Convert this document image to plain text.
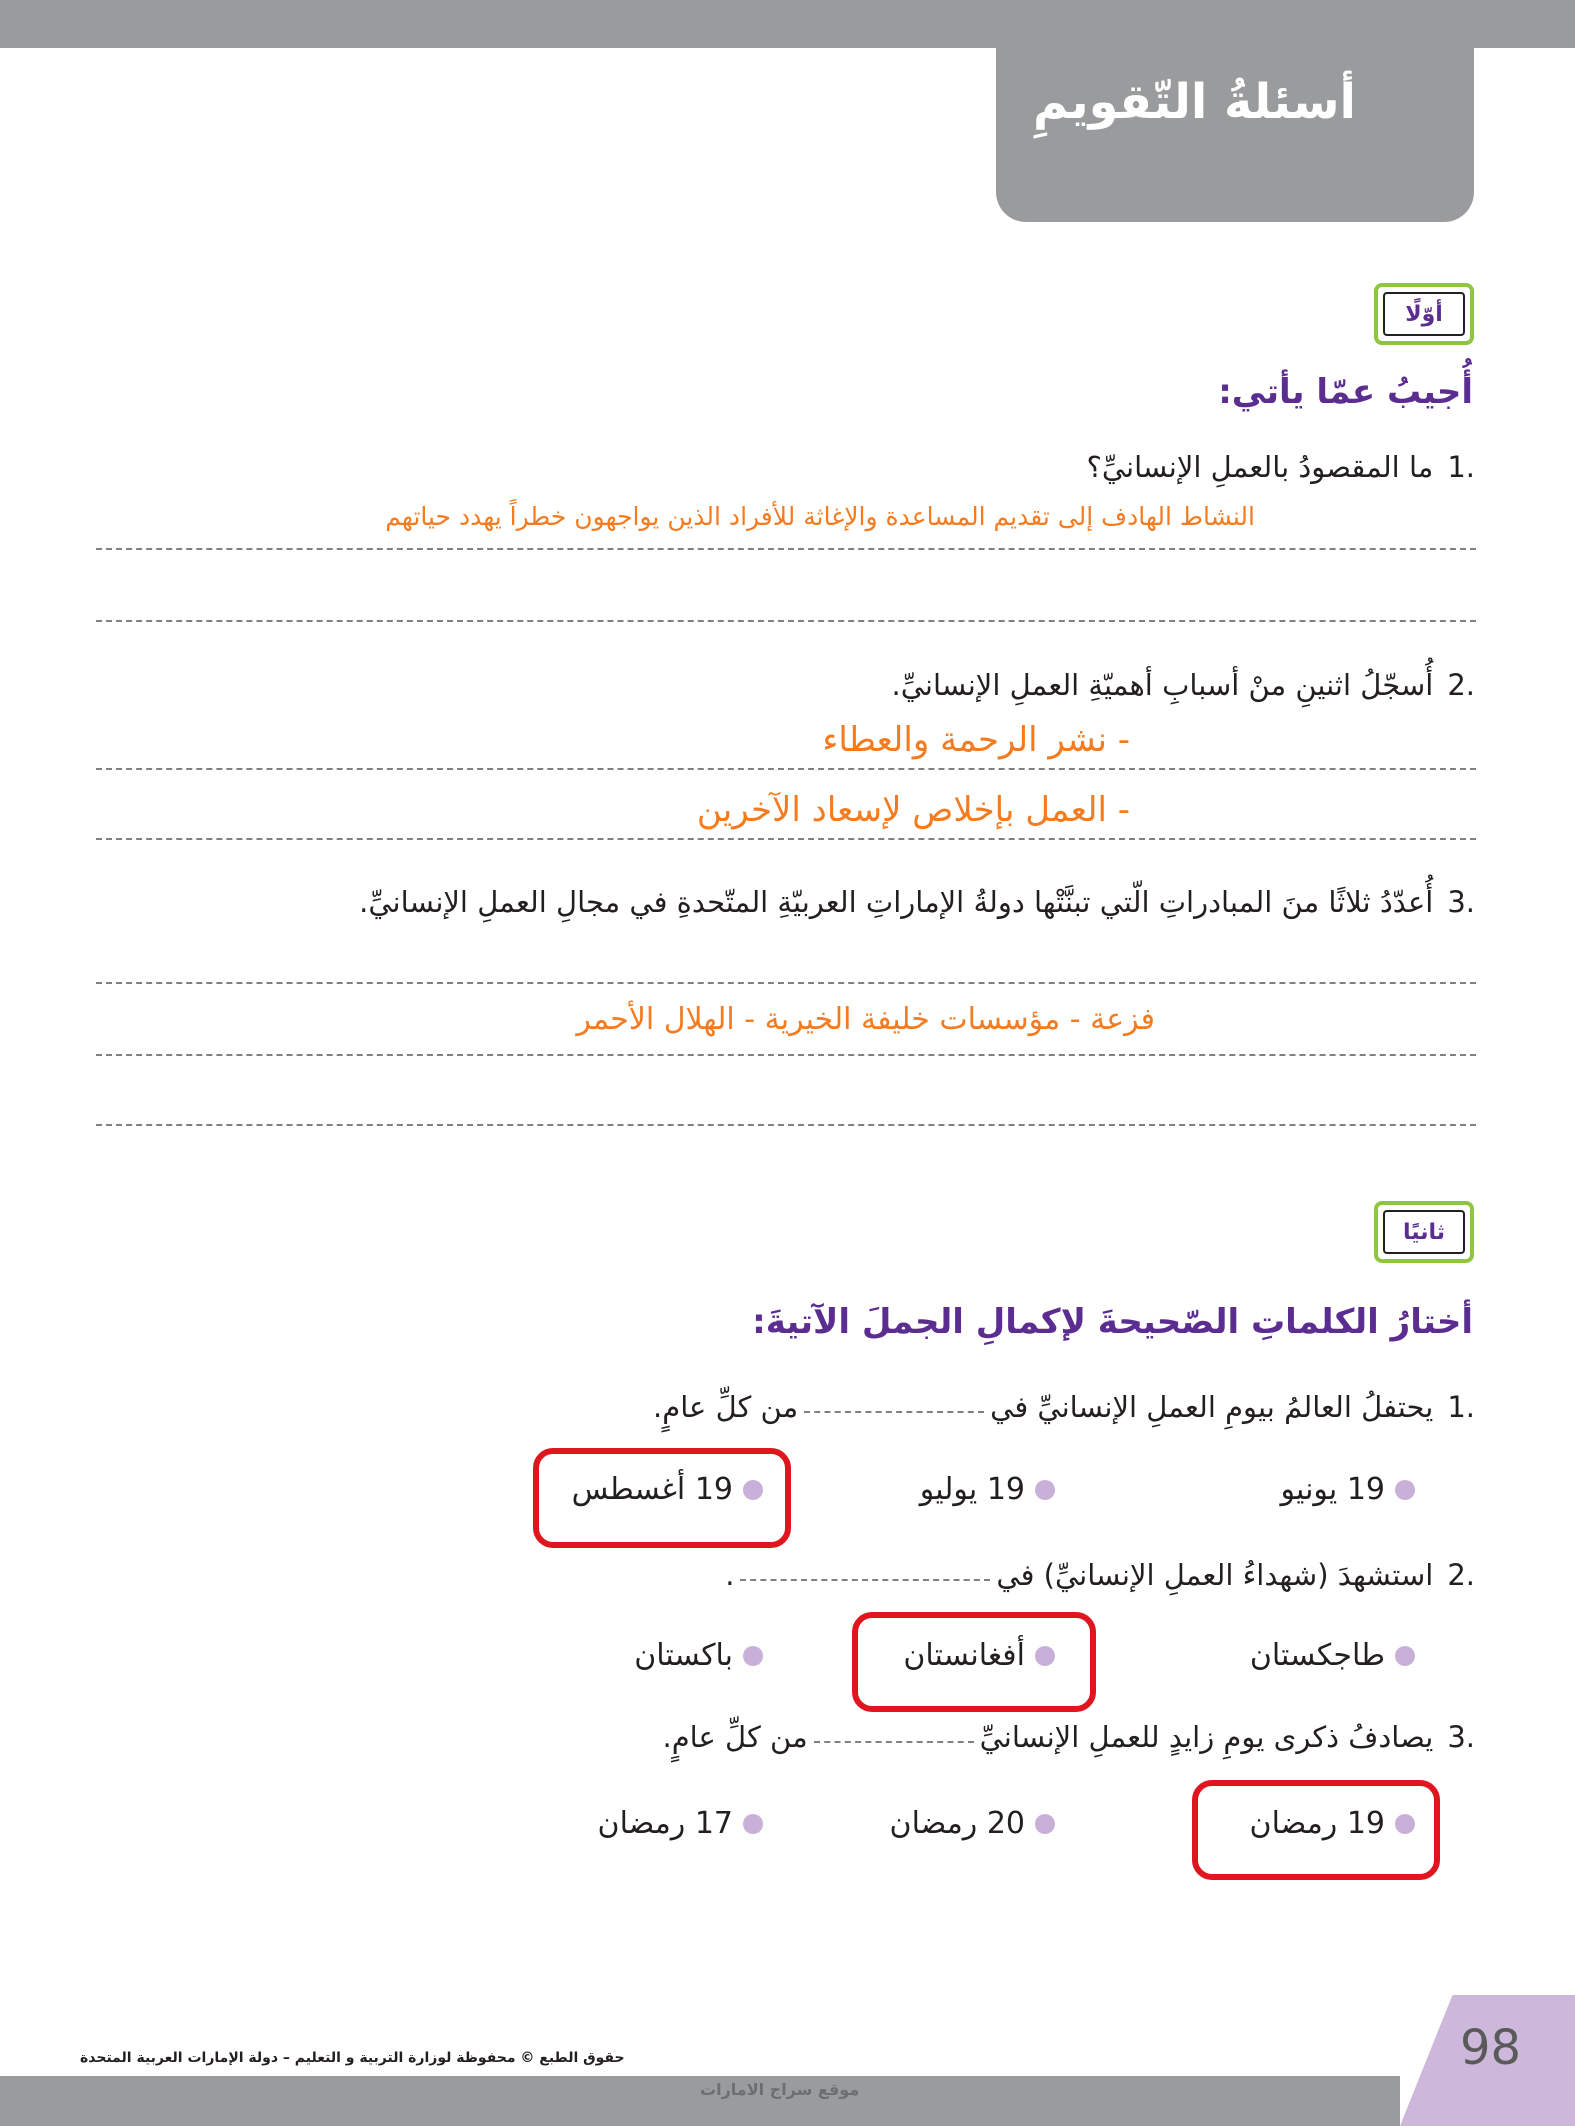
أسئلةُ التّقويمِ
أوّلًا
أُجيبُ عمّا يأتي:
.1ما المقصودُ بالعملِ الإنسانيِّ؟
النشاط الهادف إلى تقديم المساعدة والإغاثة للأفراد الذين يواجهون خطراً يهدد حياتهم
.2أُسجّلُ اثنينِ منْ أسبابِ أهميّةِ العملِ الإنسانيِّ.
- نشر الرحمة والعطاء
- العمل بإخلاص لإسعاد الآخرين
.3أُعدّدُ ثلاثًا منَ المبادراتِ الّتي تبنَّتْها دولةُ الإماراتِ العربيّةِ المتّحدةِ في مجالِ العملِ الإنسانيِّ.
فزعة - مؤسسات خليفة الخيرية - الهلال الأحمر
ثانيًا
أختارُ الكلماتِ الصّحيحةَ لإكمالِ الجملَ الآتيةَ:
.1يحتفلُ العالمُ بيومِ العملِ الإنسانيِّ فيمن كلِّ عامٍ.
19 يونيو
19 يوليو
19 أغسطس
.2استشهدَ (شهداءُ العملِ الإنسانيِّ) في.
طاجكستان
أفغانستان
باكستان
.3يصادفُ ذكرى يومِ زايدٍ للعملِ الإنسانيِّمن كلِّ عامٍ.
19 رمضان
20 رمضان
17 رمضان
98
حقوق الطبع © محفوظة لوزارة التربية و التعليم – دولة الإمارات العربية المتحدة
موقع سراج الامارات
